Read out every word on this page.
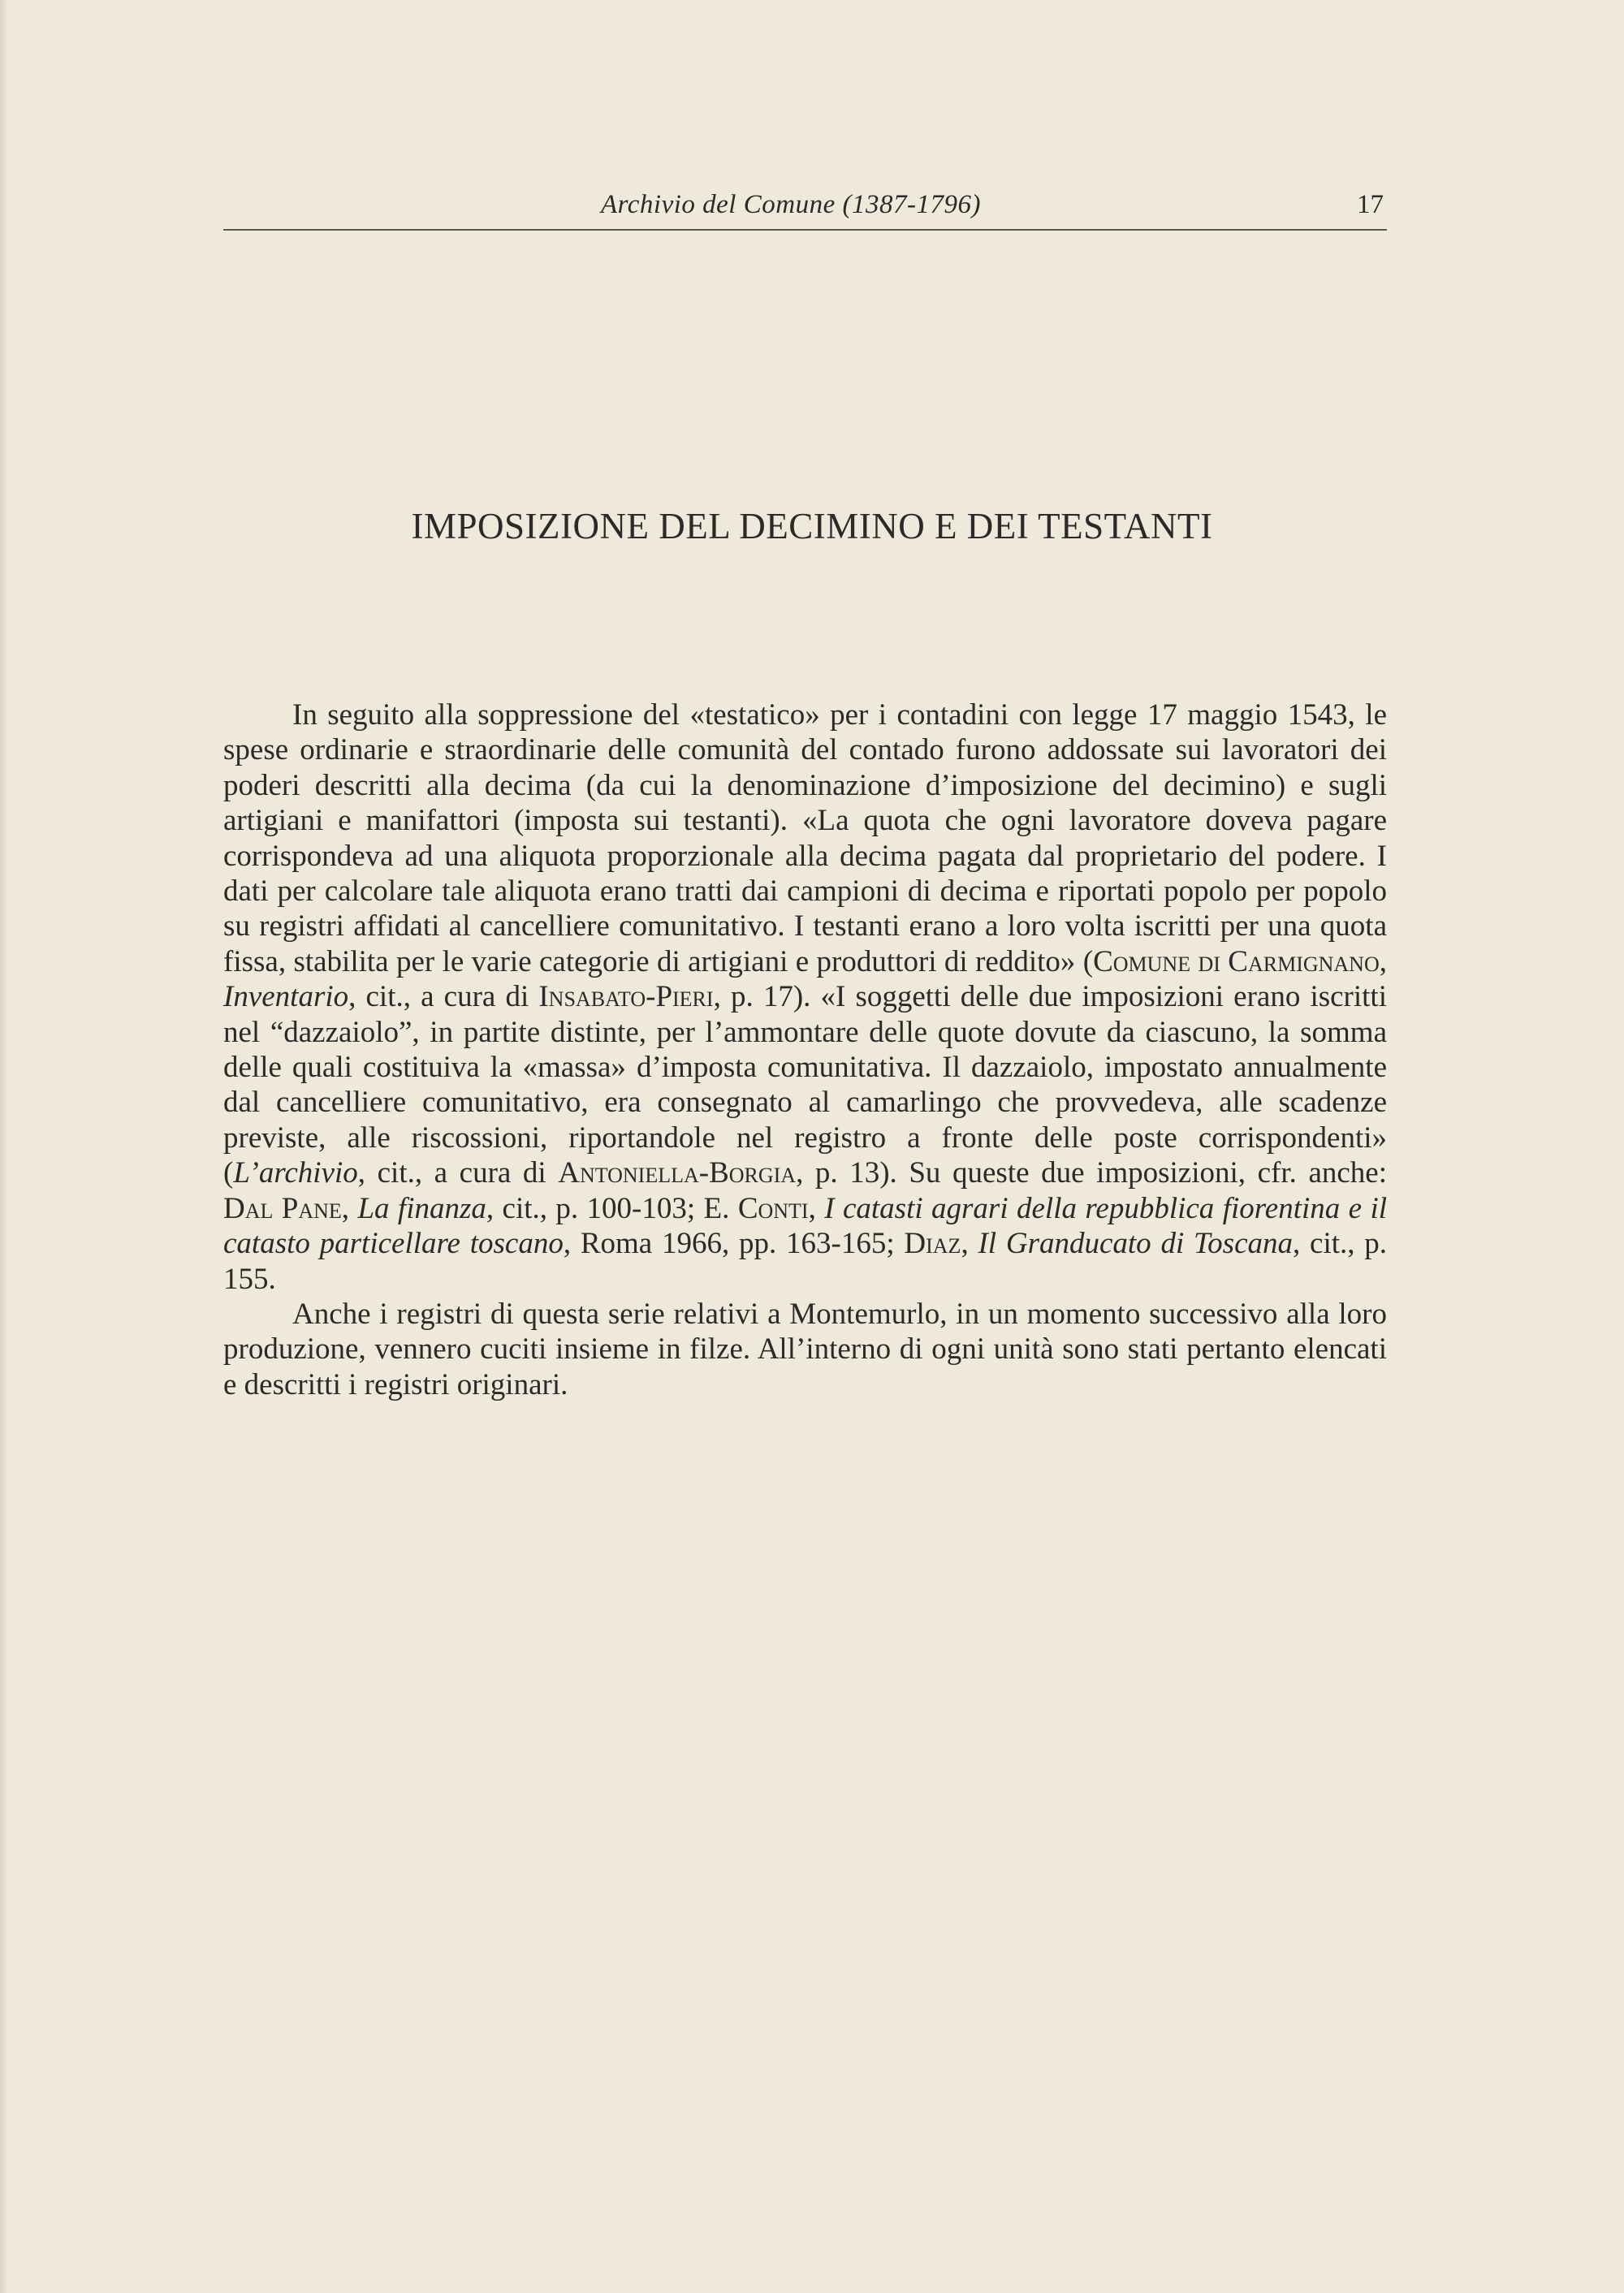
Archivio del Comune (1387-1796)	17
IMPOSIZIONE DEL DECIMINO E DEI TESTANTI

In seguito alla soppressione del «testatico» per i contadini con legge 17 maggio 1543, le spese ordinarie e straordinarie delle comunità del contado furono addossate sui lavoratori dei poderi descritti alla decima (da cui la denominazione d’imposizione del decimino) e sugli artigiani e manifattori (imposta sui testanti). «La quota che ogni lavoratore doveva pagare corrispondeva ad una aliquota proporzionale alla decima pagata dal proprietario del podere. I dati per calcolare tale aliquota erano tratti dai campioni di decima e riportati popolo per popolo su registri affidati al cancelliere comunitativo. I testanti erano a loro volta iscritti per una quota fissa, stabilita per le varie categorie di artigiani e produttori di reddito» (Comune di Carmignano, Inventario, cit., a cura di Insabato-Pieri, p. 17). «I soggetti delle due imposizioni erano iscritti nel “dazzaiolo”, in partite distinte, per l’ammontare delle quote dovute da ciascuno, la somma delle quali costituiva la «massa» d’imposta comunitativa. Il dazzaiolo, impostato annualmente dal cancelliere comunitativo, era consegnato al camarlingo che provvedeva, alle scadenze previste, alle riscossioni, riportandole nel registro a fronte delle poste corrispondenti» (L’archivio, cit., a cura di Antoniella-Borgia, p. 13). Su queste due imposizioni, cfr. anche: Dal Pane, La finanza, cit., p. 100-103; E. Conti, I catasti agrari della repubblica fiorentina e il catasto particellare toscano, Roma 1966, pp. 163-165; Diaz, Il Granducato di Toscana, cit., p. 155.

Anche i registri di questa serie relativi a Montemurlo, in un momento successivo alla loro produzione, vennero cuciti insieme in filze. All’interno di ogni unità sono stati pertanto elencati e descritti i registri originari.
